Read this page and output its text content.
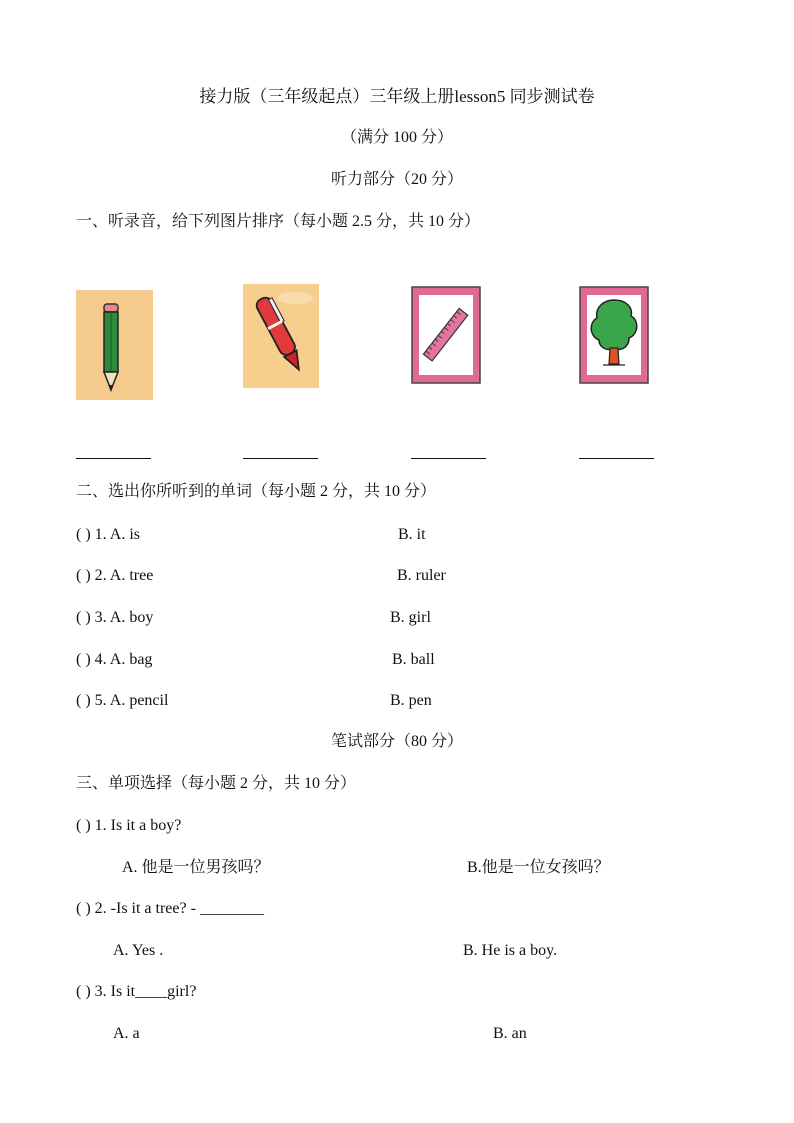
接力版（三年级起点）三年级上册lesson5 同步测试卷
（满分 100 分）
听力部分（20 分）
一、听录音，给下列图片排序（每小题 2.5 分，共 10 分）
二、选出你所听到的单词（每小题 2 分，共 10 分）
( ) 1. A. is	B. it
( ) 2. A. tree	B. ruler
( ) 3. A. boy	B. girl
( ) 4. A. bag	B. ball
( ) 5. A. pencil	B. pen
笔试部分（80 分）
三、单项选择（每小题 2 分，共 10 分）
( ) 1. Is it a boy?
A. 他是一位男孩吗？	B.他是一位女孩吗？
( ) 2. -Is it a tree? - ________
A. Yes .	B. He is a boy.
( ) 3. Is it____girl?
A. a	B. an
